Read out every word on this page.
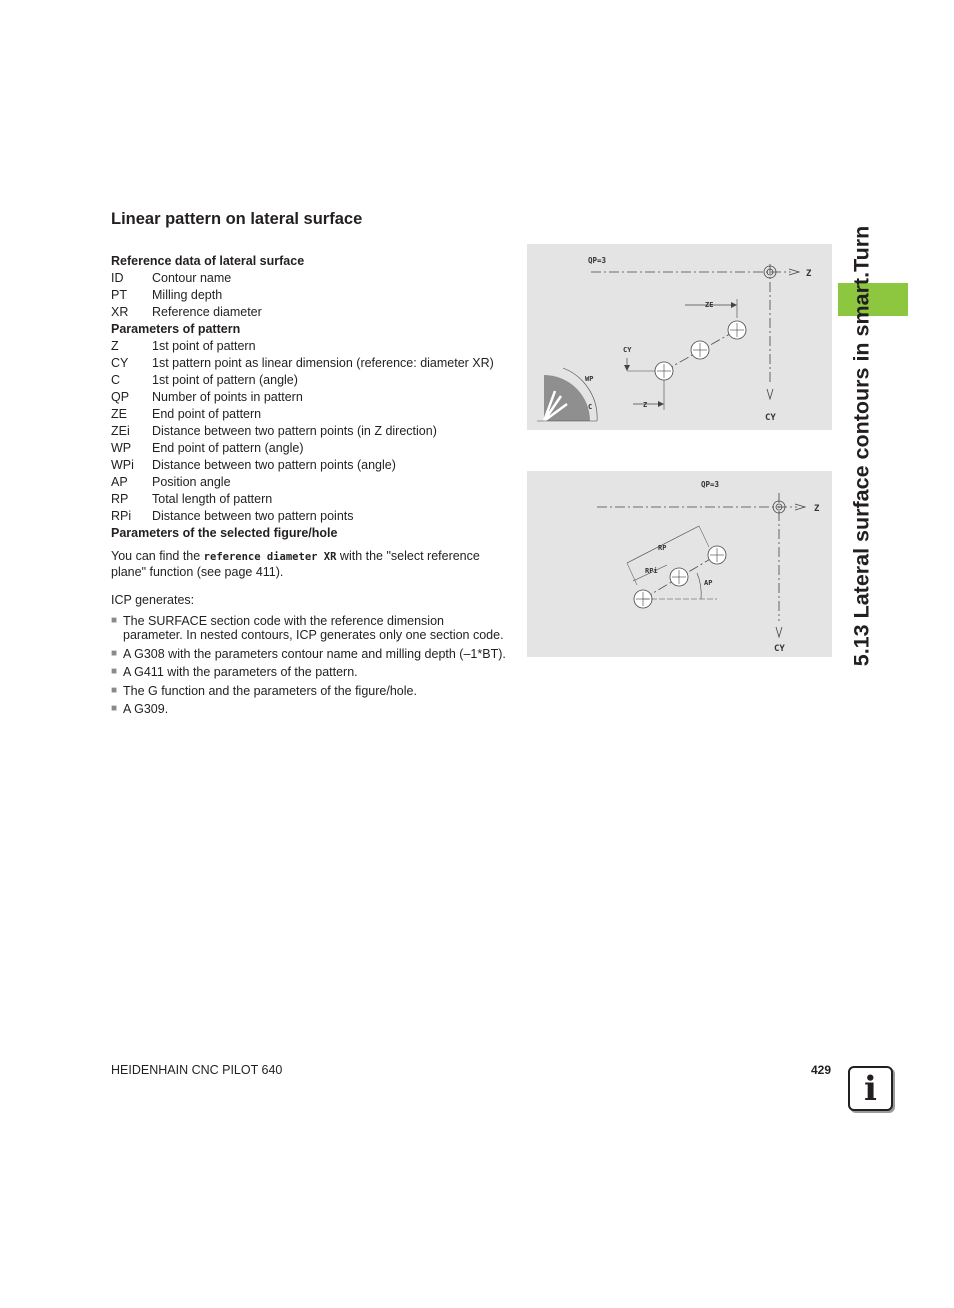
Linear pattern on lateral surface
Reference data of lateral surface
ID	Contour name
PT	Milling depth
XR	Reference diameter
Parameters of pattern
Z	1st point of pattern
CY	1st pattern point as linear dimension (reference: diameter XR)
C	1st point of pattern (angle)
QP	Number of points in pattern
ZE	End point of pattern
ZEi	Distance between two pattern points (in Z direction)
WP	End point of pattern (angle)
WPi	Distance between two pattern points (angle)
AP	Position angle
RP	Total length of pattern
RPi	Distance between two pattern points
Parameters of the selected figure/hole
You can find the reference diameter XR with the "select reference plane" function (see page 411).
ICP generates:
■ The SURFACE section code with the reference dimension parameter. In nested contours, ICP generates only one section code.
■ A G308 with the parameters contour name and milling depth (–1*BT).
■ A G411 with the parameters of the pattern.
■ The G function and the parameters of the figure/hole.
■ A G309.
QP=3
Z
CY
ZE
CY
Z
WP
C
QP=3
Z
CY
RP
RPi
AP	5.13 Lateral surface contours in smart.Turn
HEIDENHAIN CNC PILOT 640	429 i
